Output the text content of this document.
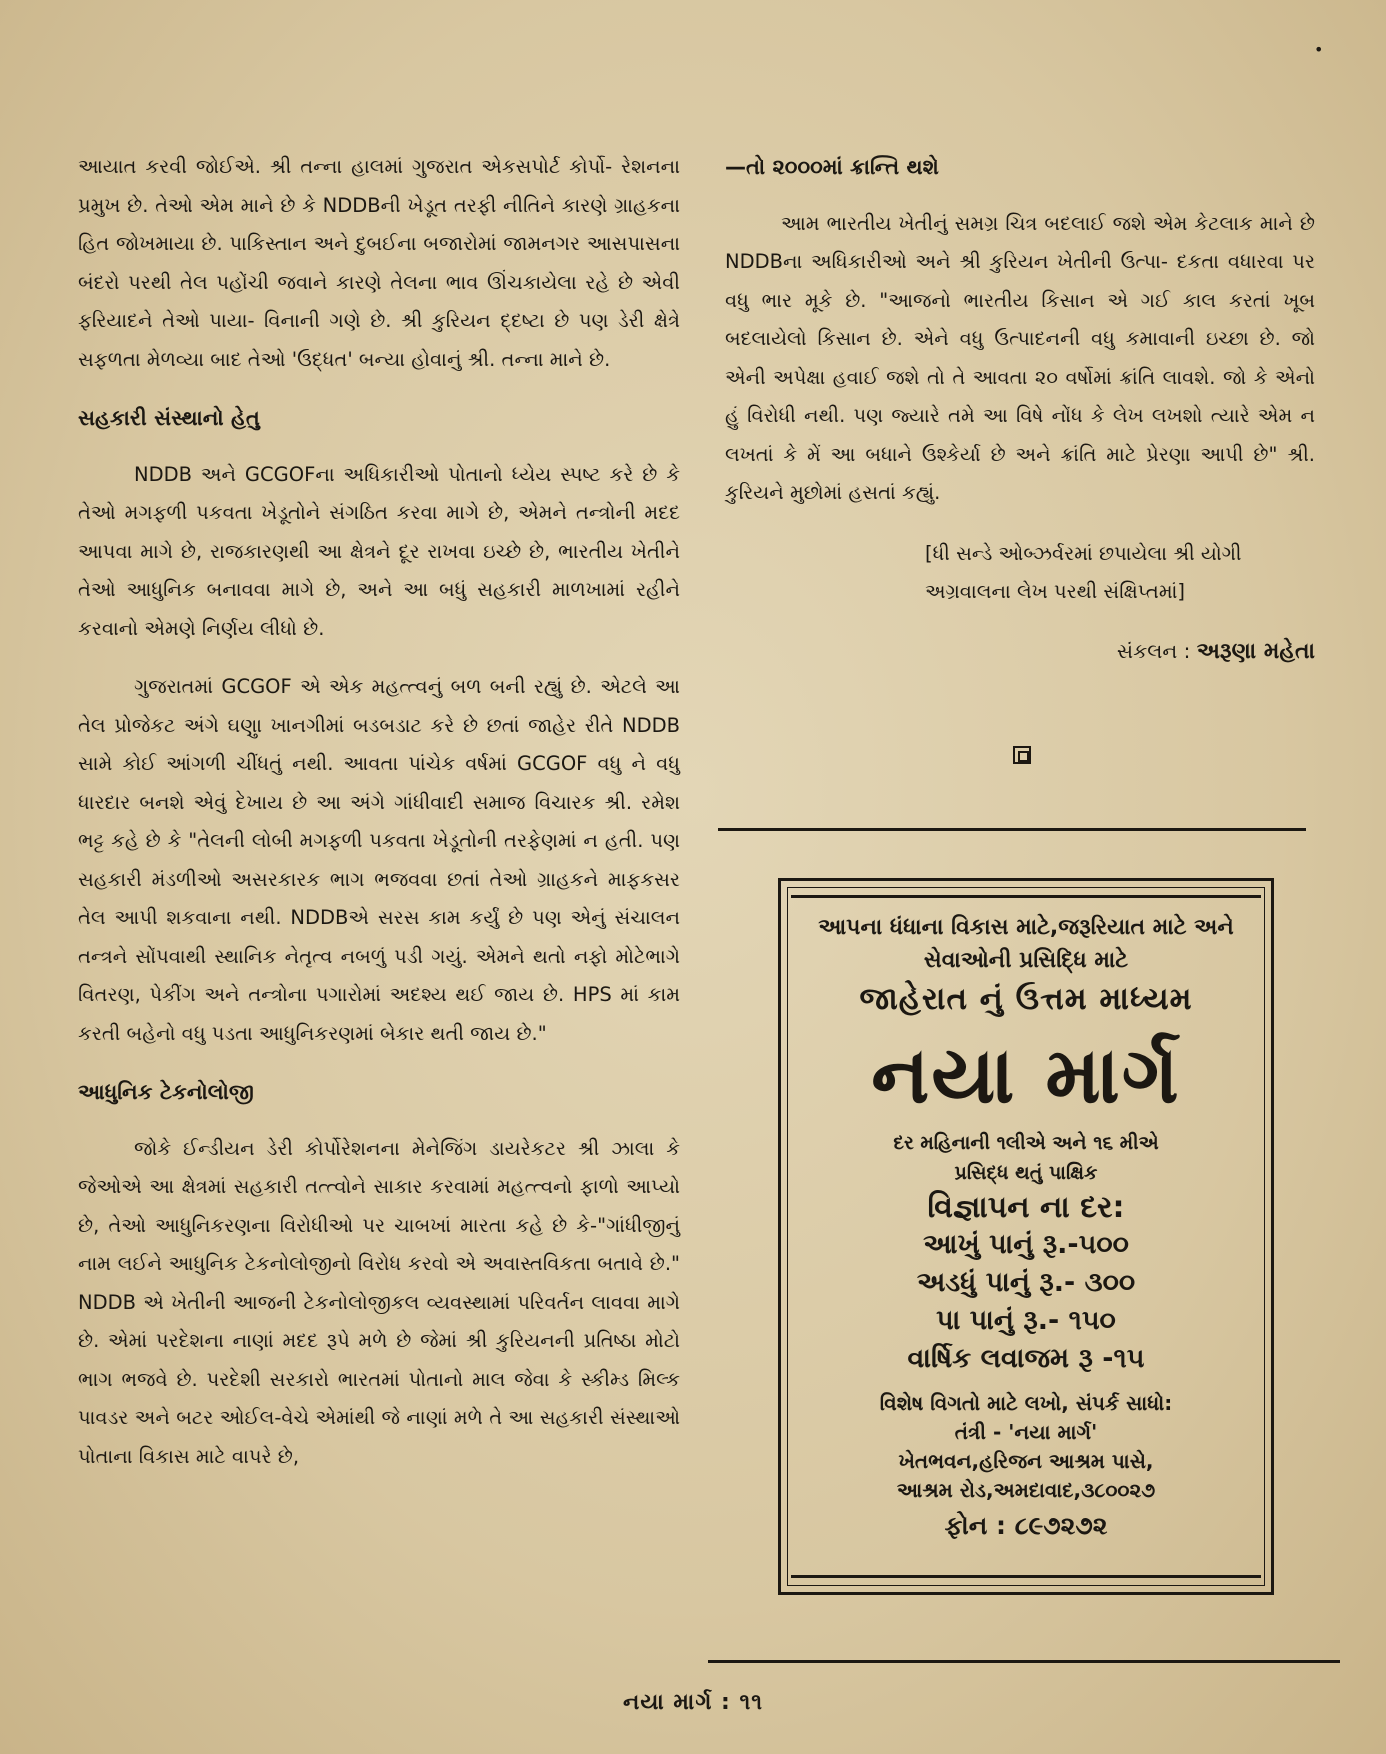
•

આયાત કરવી જોઈએ. શ્રી તન્ના હાલમાં ગુજરાત એકસપોર્ટ કોર્પો- રેશનના પ્રમુખ છે. તેઓ એમ માને છે કે NDDBની ખેડૂત તરફી નીતિને કારણે ગ્રાહકના હિત જોખમાયા છે. પાકિસ્તાન અને દુબઈના બજારોમાં જામનગર આસપાસના બંદરો પરથી તેલ પહોંચી જવાને કારણે તેલના ભાવ ઊંચકાયેલા રહે છે એવી ફરિયાદને તેઓ પાયા- વિનાની ગણે છે. શ્રી કુરિયન દ્દષ્ટા છે પણ ડેરી ક્ષેત્રે સફળતા મેળવ્યા બાદ તેઓ 'ઉદ્ધત' બન્યા હોવાનું શ્રી. તન્ના માને છે.

સહકારી સંસ્થાનો હેતુ

NDDB અને GCGOFના અધિકારીઓ પોતાનો ધ્યેય સ્પષ્ટ કરે છે કે તેઓ મગફળી પકવતા ખેડૂતોને સંગઠિત કરવા માગે છે, એમને તન્ત્રોની મદદ આપવા માગે છે, રાજકારણથી આ ક્ષેત્રને દૂર રાખવા ઇચ્છે છે, ભારતીય ખેતીને તેઓ આધુનિક બનાવવા માગે છે, અને આ બધું સહકારી માળખામાં રહીને કરવાનો એમણે નિર્ણય લીધો છે.

ગુજરાતમાં GCGOF એ એક મહત્ત્વનું બળ બની રહ્યું છે. એટલે આ તેલ પ્રોજેકટ અંગે ઘણુા ખાનગીમાં બડબડાટ કરે છે છતાં જાહેર રીતે NDDB સામે કોઈ આંગળી ચીંધતું નથી. આવતા પાંચેક વર્ષમાં GCGOF વધુ ને વધુ ધારદાર બનશે એવું દેખાય છે આ અંગે ગાંધીવાદી સમાજ વિચારક શ્રી. રમેશ ભટ્ટ કહે છે કે "તેલની લોબી મગફળી પકવતા ખેડૂતોની તરફેણમાં ન હતી. પણ સહકારી મંડળીઓ અસરકારક ભાગ ભજવવા છતાં તેઓ ગ્રાહકને માફકસર તેલ આપી શકવાના નથી. NDDBએ સરસ કામ કર્યું છે પણ એનું સંચાલન તન્ત્રને સોંપવાથી સ્થાનિક નેતૃત્વ નબળું પડી ગયું. એમને થતો નફો મોટેભાગે વિતરણ, પેકીંગ અને તન્ત્રોના પગારોમાં અદશ્ય થઈ જાય છે. HPS માં કામ કરતી બહેનો વધુ પડતા આધુનિકરણમાં બેકાર થતી જાય છે."

આધુનિક ટેકનોલોજી

જોકે ઈન્ડીયન ડેરી કોર્પોરેશનના મેનેજિંગ ડાયરેકટર શ્રી ઝાલા કે જેઓએ આ ક્ષેત્રમાં સહકારી તત્ત્વોને સાકાર કરવામાં મહત્ત્વનો ફાળો આપ્યો છે, તેઓ આધુનિકરણના વિરોધીઓ પર ચાબખાં મારતા કહે છે કે-"ગાંધીજીનું નામ લઈને આધુનિક ટેકનોલોજીનો વિરોધ કરવો એ અવાસ્તવિકતા બતાવે છે." NDDB એ ખેતીની આજની ટેકનોલોજીકલ વ્યવસ્થામાં પરિવર્તન લાવવા માગે છે. એમાં પરદેશના નાણાં મદદ રૂપે મળે છે જેમાં શ્રી કુરિયનની પ્રતિષ્ઠા મોટો ભાગ ભજવે છે. પરદેશી સરકારો ભારતમાં પોતાનો માલ જેવા કે સ્કીમ્ડ મિલ્ક પાવડર અને બટર ઓઈલ-વેચે એમાંથી જે નાણાં મળે તે આ સહકારી સંસ્થાઓ પોતાના વિકાસ માટે વાપરે છે,

—તો ૨૦૦૦માં ક્રાન્તિ થશે

આમ ભારતીય ખેતીનું સમગ્ર ચિત્ર બદલાઈ જશે એમ કેટલાક માને છે NDDBના અધિકારીઓ અને શ્રી કુરિયન ખેતીની ઉત્પા- દકતા વધારવા પર વધુ ભાર મૂકે છે. "આજનો ભારતીય કિસાન એ ગઈ કાલ કરતાં ખૂબ બદલાયેલો કિસાન છે. એને વધુ ઉત્પાદનની વધુ કમાવાની ઇચ્છા છે. જો એની અપેક્ષા હવાઈ જશે તો તે આવતા ૨૦ વર્ષોમાં ક્રાંતિ લાવશે. જો કે એનો હું વિરોધી નથી. પણ જ્યારે તમે આ વિષે નોંધ કે લેખ લખશો ત્યારે એમ ન લખતાં કે મેં આ બધાને ઉશ્કેર્યા છે અને ક્રાંતિ માટે પ્રેરણા આપી છે" શ્રી. કુરિયને મુછોમાં હસતાં કહ્યું.

[ધી સન્ડે ઓબ્ઝર્વરમાં છપાયેલા શ્રી યોગી અગ્રવાલના લેખ પરથી સંક્ષિપ્તમાં]

સંકલન : અરૂણા મહેતા

આપના ધંધાના વિકાસ માટે,જરૂરિયાત માટે અને
સેવાઓની પ્રસિદ્ધિ માટે
જાહેરાત નું ઉત્તમ માધ્યમ
નયા માર્ગ
દર મહિનાની ૧લીએ અને ૧૬ મીએ
પ્રસિદ્ધ થતું પાક્ષિક
વિજ્ઞાપન ના દર:
આખું પાનું રૂ.-૫૦૦
અડધું પાનું રૂ.- ૩૦૦
પા પાનું રૂ.- ૧૫૦
વાર્ષિક લવાજમ રૂ -૧૫
વિશેષ વિગતો માટે લખો, સંપર્ક સાધો:
તંત્રી - 'નયા માર્ગ'
ખેતભવન,હરિજન આશ્રમ પાસે,
આશ્રમ રોડ,અમદાવાદ,૩૮૦૦૨૭
ફોન : ૮૯૭૨૭૨
નયા માર્ગ : ૧૧
